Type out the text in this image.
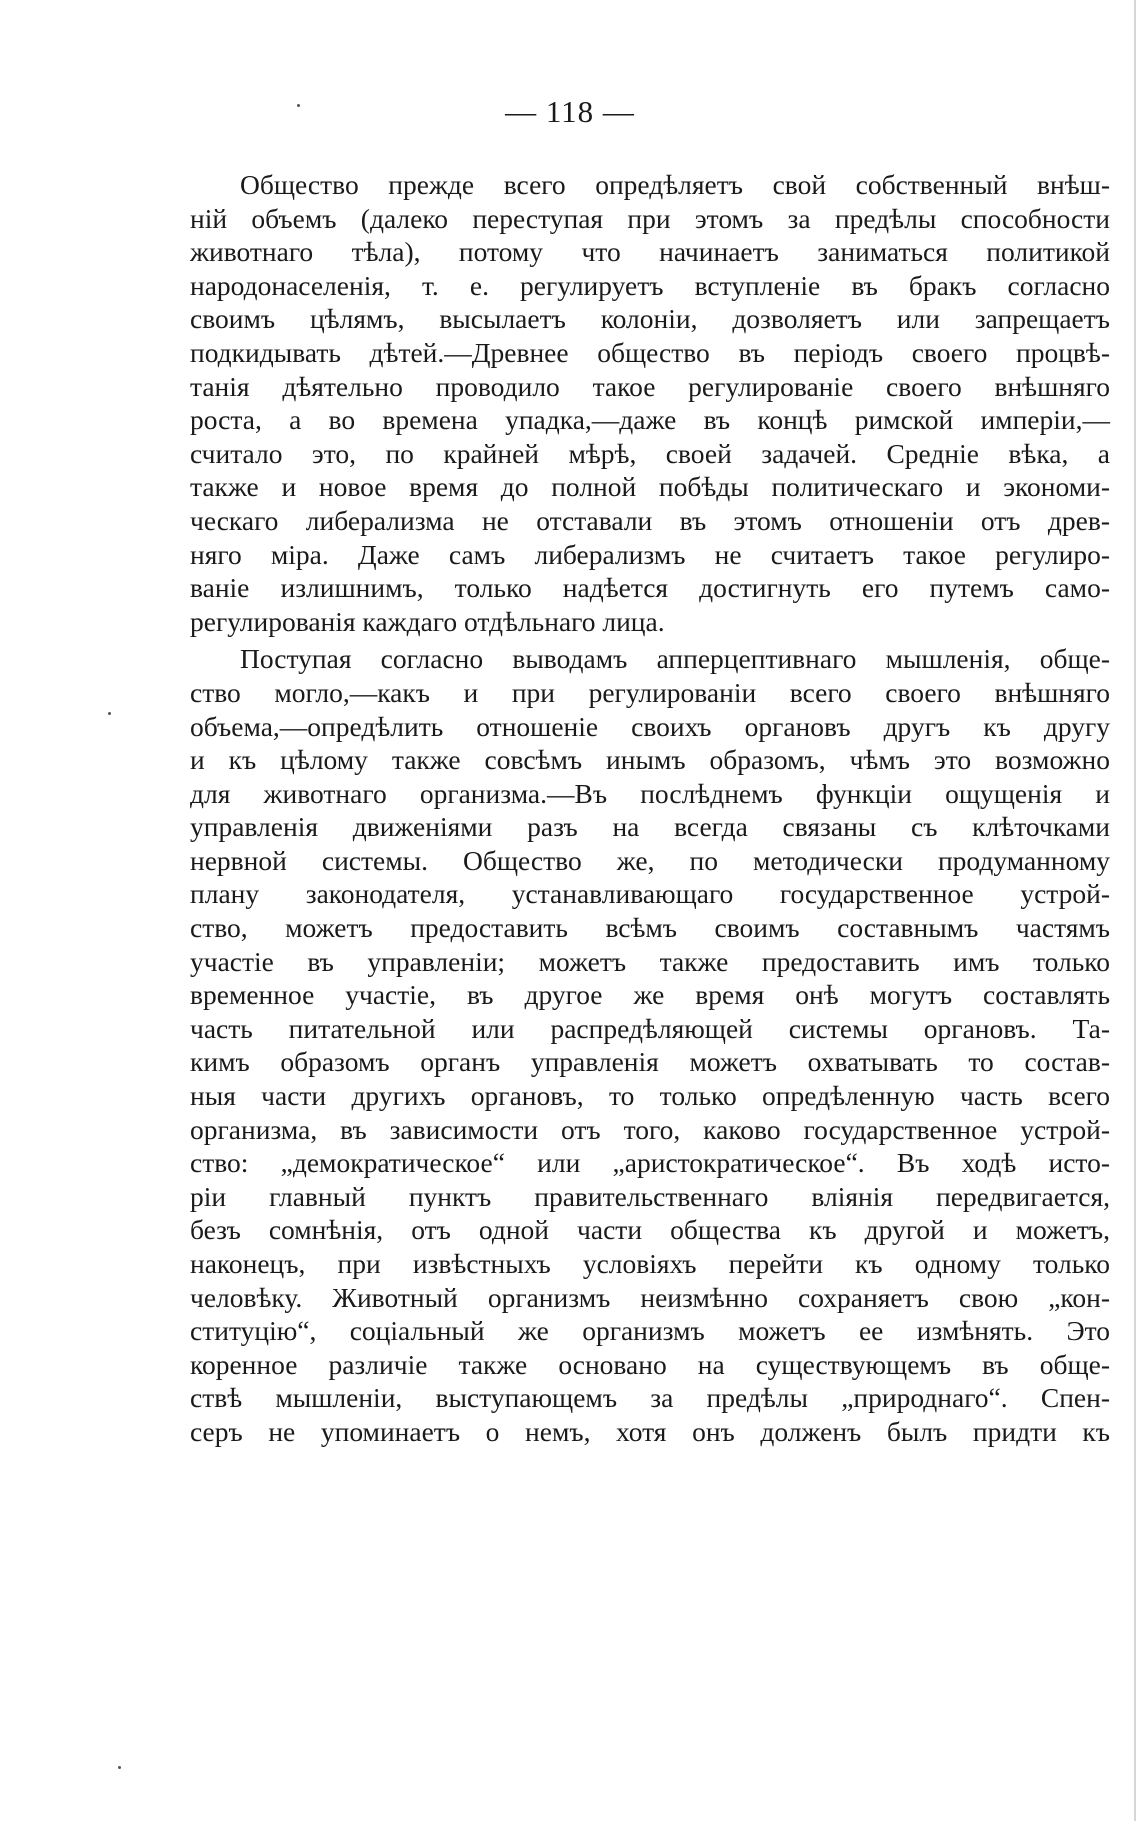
— 118 —
Общество прежде всего опредѣляетъ свой собственный внѣш-
ній объемъ (далеко переступая при этомъ за предѣлы способности
животнаго тѣла), потому что начинаетъ заниматься политикой
народонаселенія, т. е. регулируетъ вступленіе въ бракъ согласно
своимъ цѣлямъ, высылаетъ колоніи, дозволяетъ или запрещаетъ
подкидывать дѣтей.—Древнее общество въ періодъ своего процвѣ-
танія дѣятельно проводило такое регулированіе своего внѣшняго
роста, а во времена упадка,—даже въ концѣ римской имперіи,—
считало это, по крайней мѣрѣ, своей задачей. Средніе вѣка, а
также и новое время до полной побѣды политическаго и экономи-
ческаго либерализма не отставали въ этомъ отношеніи отъ древ-
няго міра. Даже самъ либерализмъ не считаетъ такое регулиро-
ваніе излишнимъ, только надѣется достигнуть его путемъ само-
регулированія каждаго отдѣльнаго лица.
Поступая согласно выводамъ апперцептивнаго мышленія, обще-
ство могло,—какъ и при регулированіи всего своего внѣшняго
объема,—опредѣлить отношеніе своихъ органовъ другъ къ другу
и къ цѣлому также совсѣмъ инымъ образомъ, чѣмъ это возможно
для животнаго организма.—Въ послѣднемъ функціи ощущенія и
управленія движеніями разъ на всегда связаны съ клѣточками
нервной системы. Общество же, по методически продуманному
плану законодателя, устанавливающаго государственное устрой-
ство, можетъ предоставить всѣмъ своимъ составнымъ частямъ
участіе въ управленіи; можетъ также предоставить имъ только
временное участіе, въ другое же время онѣ могутъ составлять
часть питательной или распредѣляющей системы органовъ. Та-
кимъ образомъ органъ управленія можетъ охватывать то состав-
ныя части другихъ органовъ, то только опредѣленную часть всего
организма, въ зависимости отъ того, каково государственное устрой-
ство: „демократическое“ или „аристократическое“. Въ ходѣ исто-
ріи главный пунктъ правительственнаго вліянія передвигается,
безъ сомнѣнія, отъ одной части общества къ другой и можетъ,
наконецъ, при извѣстныхъ условіяхъ перейти къ одному только
человѣку. Животный организмъ неизмѣнно сохраняетъ свою „кон-
ституцію“, соціальный же организмъ можетъ ее измѣнять. Это
коренное различіе также основано на существующемъ въ обще-
ствѣ мышленіи, выступающемъ за предѣлы „природнаго“. Спен-
серъ не упоминаетъ о немъ, хотя онъ долженъ былъ придти къ
